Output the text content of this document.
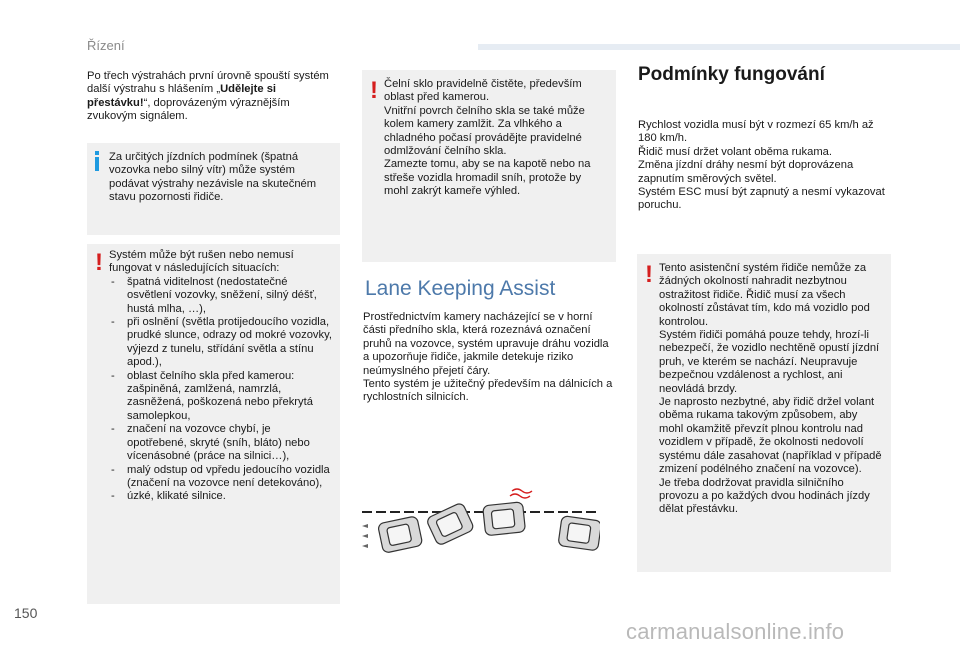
Řízení
Po třech výstrahách první úrovně spouští systém další výstrahu s hlášením „Udělejte si přestávku!“, doprovázeným výraznějším zvukovým signálem.
Za určitých jízdních podmínek (špatná vozovka nebo silný vítr) může systém podávat výstrahy nezávisle na skutečném stavu pozornosti řidiče.
! Systém může být rušen nebo nemusí fungovat v následujících situacích:
- špatná viditelnost (nedostatečné osvětlení vozovky, sněžení, silný déšť, hustá mlha, …),
- při oslnění (světla protijedoucího vozidla, prudké slunce, odrazy od mokré vozovky, výjezd z tunelu, střídání světla a stínu apod.),
- oblast čelního skla před kamerou: zašpiněná, zamlžená, namrzlá, zasněžená, poškozená nebo překrytá samolepkou,
- značení na vozovce chybí, je opotřebené, skryté (sníh, bláto) nebo vícenásobné (práce na silnici…),
- malý odstup od vpředu jedoucího vozidla (značení na vozovce není detekováno),
- úzké, klikaté silnice.
! Čelní sklo pravidelně čistěte, především oblast před kamerou.
Vnitřní povrch čelního skla se také může kolem kamery zamlžit. Za vlhkého a chladného počasí provádějte pravidelné odmlžování čelního skla.
Zamezte tomu, aby se na kapotě nebo na střeše vozidla hromadil sníh, protože by mohl zakrýt kameře výhled.
Lane Keeping Assist
Prostřednictvím kamery nacházející se v horní části předního skla, která rozeznává označení pruhů na vozovce, systém upravuje dráhu vozidla a upozorňuje řidiče, jakmile detekuje riziko neúmyslného přejetí čáry.
Tento systém je užitečný především na dálnicích a rychlostních silnicích.
Podmínky fungování
Rychlost vozidla musí být v rozmezí 65 km/h až 180 km/h.
Řidič musí držet volant oběma rukama.
Změna jízdní dráhy nesmí být doprovázena zapnutím směrových světel.
Systém ESC musí být zapnutý a nesmí vykazovat poruchu.
! Tento asistenční systém řidiče nemůže za žádných okolností nahradit nezbytnou ostražitost řidiče. Řidič musí za všech okolností zůstávat tím, kdo má vozidlo pod kontrolou.
Systém řidiči pomáhá pouze tehdy, hrozí-li nebezpečí, že vozidlo nechtěně opustí jízdní pruh, ve kterém se nachází. Neupravuje bezpečnou vzdálenost a rychlost, ani neovládá brzdy.
Je naprosto nezbytné, aby řidič držel volant oběma rukama takovým způsobem, aby mohl okamžitě převzít plnou kontrolu nad vozidlem v případě, že okolnosti nedovolí systému dále zasahovat (například v případě zmizení podélného značení na vozovce).
Je třeba dodržovat pravidla silničního provozu a po každých dvou hodinách jízdy dělat přestávku.
150
carmanualsonline.info
